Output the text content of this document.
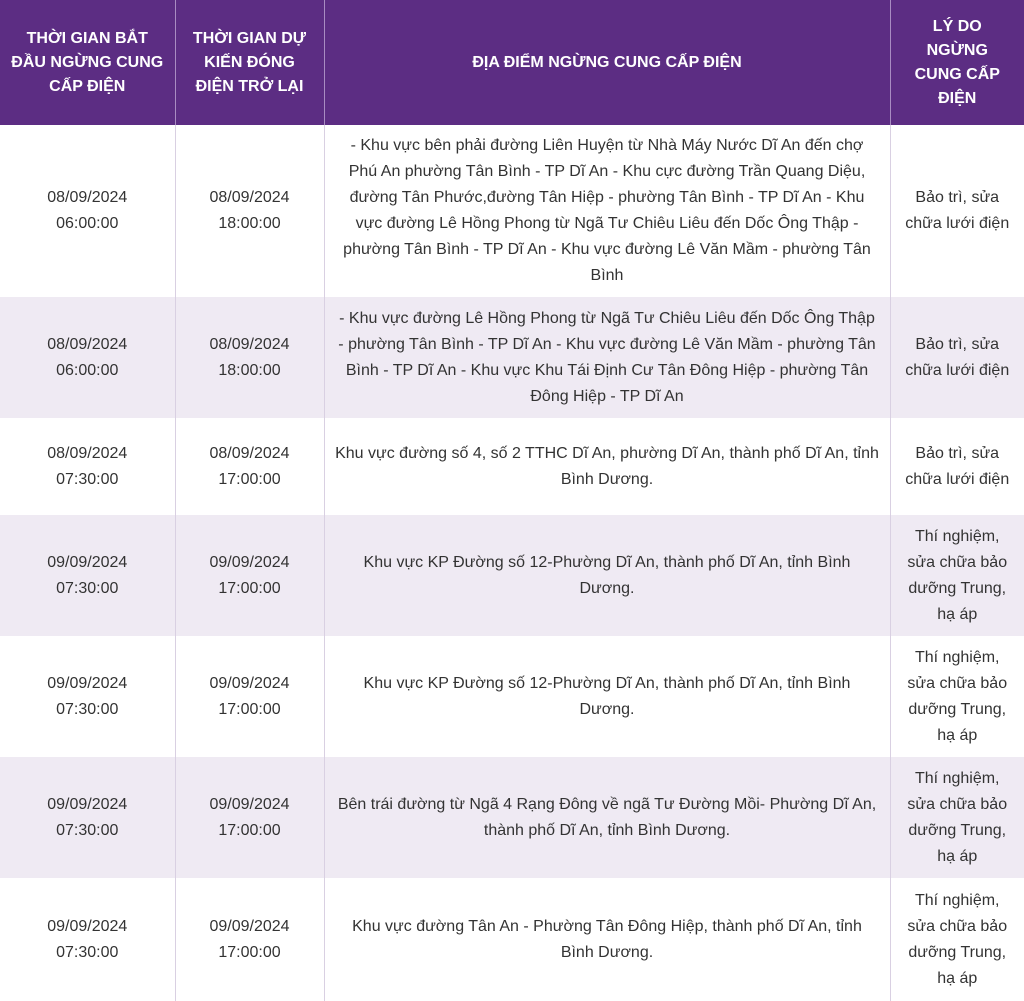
THỜI GIAN BẮT ĐẦU NGỪNG CUNG CẤP ĐIỆN	THỜI GIAN DỰ KIẾN ĐÓNG ĐIỆN TRỞ LẠI	ĐỊA ĐIỂM NGỪNG CUNG CẤP ĐIỆN	LÝ DO NGỪNG CUNG CẤP ĐIỆN

08/09/2024
06:00:00	08/09/2024
18:00:00	- Khu vực bên phải đường Liên Huyện từ Nhà Máy Nước Dĩ An đến chợ Phú An phường Tân Bình - TP Dĩ An - Khu cực đường Trần Quang Diệu, đường Tân Phước,đường Tân Hiệp - phường Tân Bình - TP Dĩ An - Khu vực đường Lê Hồng Phong từ Ngã Tư Chiêu Liêu đến Dốc Ông Thập - phường Tân Bình - TP Dĩ An - Khu vực đường Lê Văn Mầm - phường Tân Bình	Bảo trì, sửa chữa lưới điện

08/09/2024
06:00:00	08/09/2024
18:00:00	- Khu vực đường Lê Hồng Phong từ Ngã Tư Chiêu Liêu đến Dốc Ông Thập - phường Tân Bình - TP Dĩ An - Khu vực đường Lê Văn Mầm - phường Tân Bình - TP Dĩ An - Khu vực Khu Tái Định Cư Tân Đông Hiệp - phường Tân Đông Hiệp - TP Dĩ An	Bảo trì, sửa chữa lưới điện

08/09/2024
07:30:00	08/09/2024
17:00:00	Khu vực đường số 4, số 2 TTHC Dĩ An, phường Dĩ An, thành phố Dĩ An, tỉnh Bình Dương.	Bảo trì, sửa chữa lưới điện

09/09/2024
07:30:00	09/09/2024
17:00:00	Khu vực KP Đường số 12-Phường Dĩ An, thành phố Dĩ An, tỉnh Bình Dương.	Thí nghiệm, sửa chữa bảo dưỡng Trung, hạ áp

09/09/2024
07:30:00	09/09/2024
17:00:00	Khu vực KP Đường số 12-Phường Dĩ An, thành phố Dĩ An, tỉnh Bình Dương.	Thí nghiệm, sửa chữa bảo dưỡng Trung, hạ áp

09/09/2024
07:30:00	09/09/2024
17:00:00	Bên trái đường từ Ngã 4 Rạng Đông về ngã Tư Đường Mồi- Phường Dĩ An, thành phố Dĩ An, tỉnh Bình Dương.	Thí nghiệm, sửa chữa bảo dưỡng Trung, hạ áp

09/09/2024
07:30:00	09/09/2024
17:00:00	Khu vực đường Tân An - Phường Tân Đông Hiệp, thành phố Dĩ An, tỉnh Bình Dương.	Thí nghiệm, sửa chữa bảo dưỡng Trung, hạ áp
